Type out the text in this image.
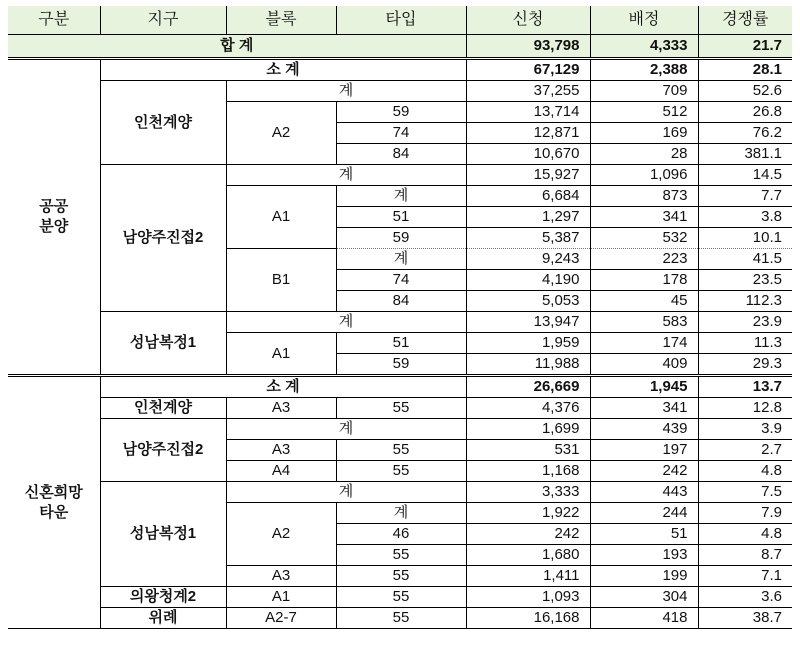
구분	지구	블록	타입	신청	배정	경쟁률
합 계				93,798	4,333	21.7
공공
분양	소 계			67,129	2,388	28.1
	인천계양	계		37,255	709	52.6
		A2	59	13,714	512	26.8
			74	12,871	169	76.2
			84	10,670	28	381.1
	남양주진접2	계		15,927	1,096	14.5
		A1	계	6,684	873	7.7
			51	1,297	341	3.8
			59	5,387	532	10.1
		B1	계	9,243	223	41.5
			74	4,190	178	23.5
			84	5,053	45	112.3
	성남복정1	계		13,947	583	23.9
		A1	51	1,959	174	11.3
			59	11,988	409	29.3
신혼희망
타운	소 계			26,669	1,945	13.7
	인천계양	A3	55	4,376	341	12.8
	남양주진접2	계		1,699	439	3.9
		A3	55	531	197	2.7
		A4	55	1,168	242	4.8
	성남복정1	계		3,333	443	7.5
		A2	계	1,922	244	7.9
			46	242	51	4.8
			55	1,680	193	8.7
		A3	55	1,411	199	7.1
	의왕청계2	A1	55	1,093	304	3.6
	위례	A2-7	55	16,168	418	38.7
